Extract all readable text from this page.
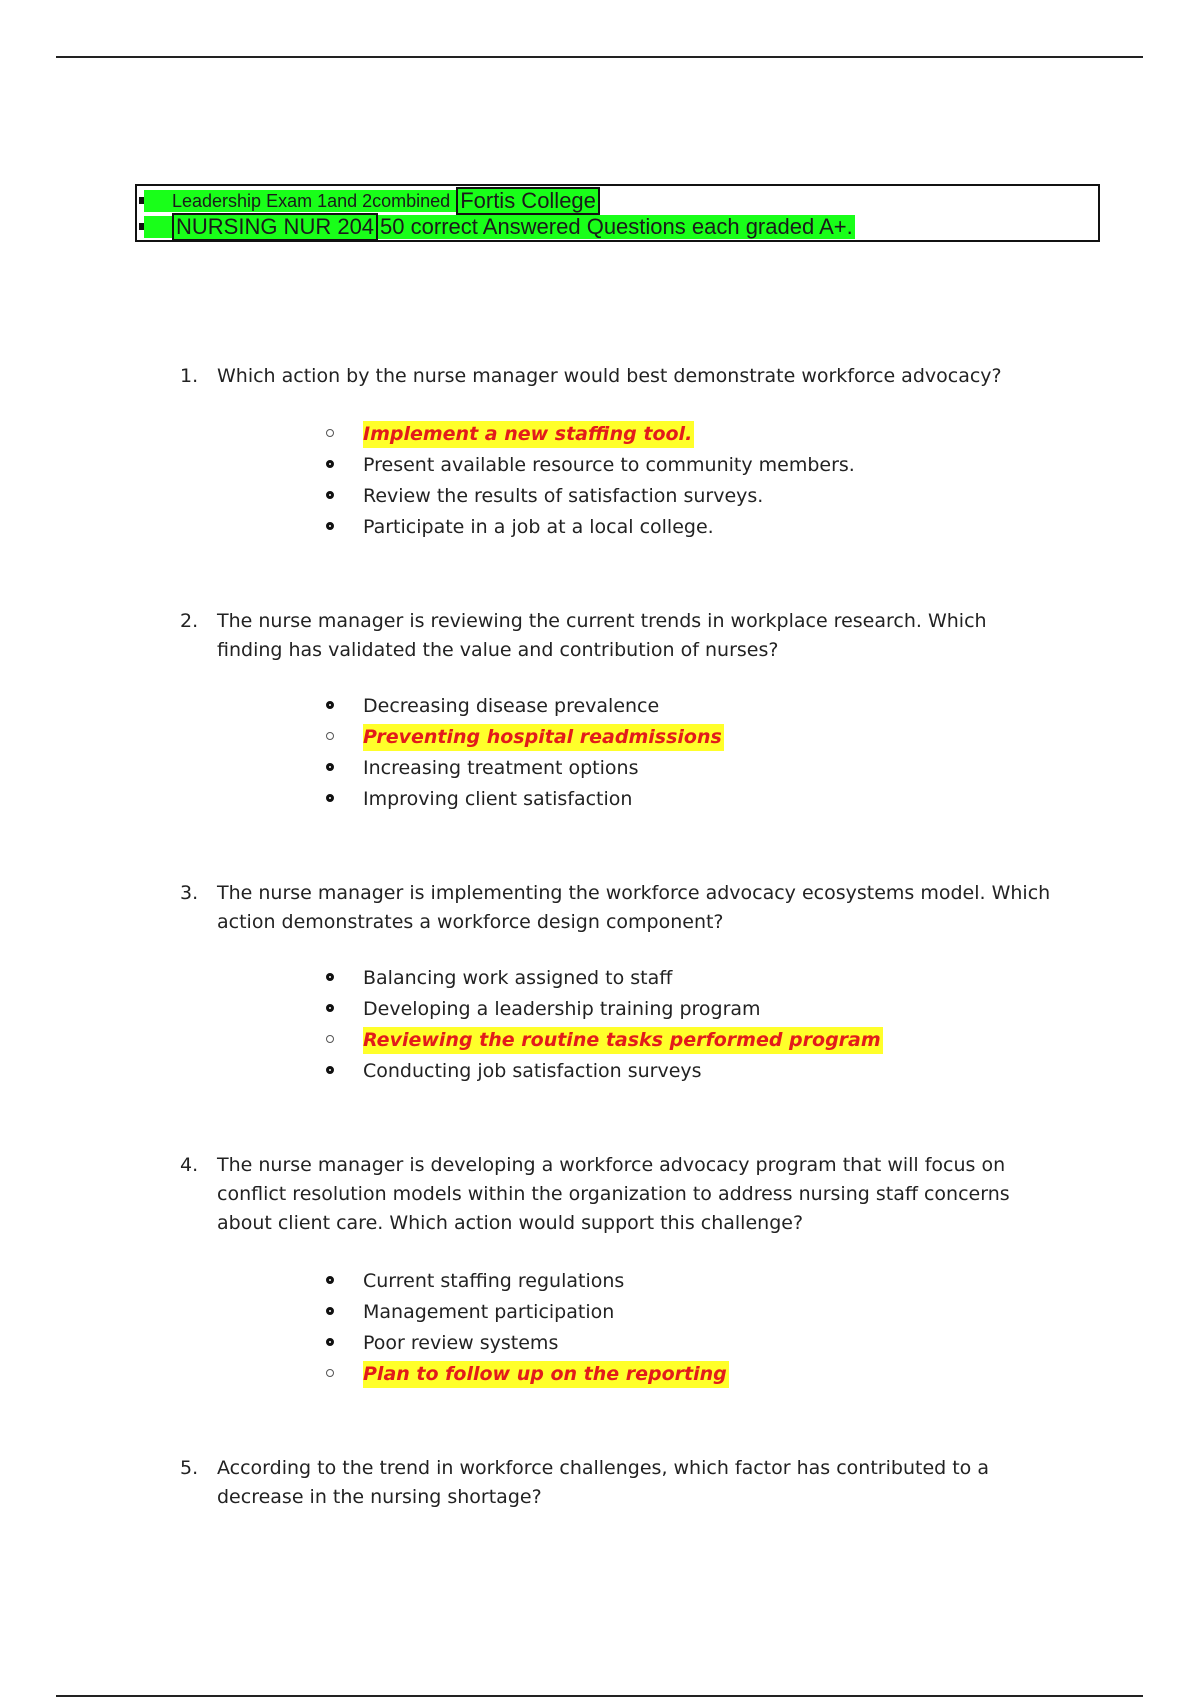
Leadership Exam 1and 2combined Fortis College
NURSING NUR 204 50 correct Answered Questions each graded A+.
1. Which action by the nurse manager would best demonstrate workforce advocacy?
Implement a new staffing tool.
Present available resource to community members.
Review the results of satisfaction surveys.
Participate in a job at a local college.
2. The nurse manager is reviewing the current trends in workplace research. Which finding has validated the value and contribution of nurses?
Decreasing disease prevalence
Preventing hospital readmissions
Increasing treatment options
Improving client satisfaction
3. The nurse manager is implementing the workforce advocacy ecosystems model. Which action demonstrates a workforce design component?
Balancing work assigned to staff
Developing a leadership training program
Reviewing the routine tasks performed program
Conducting job satisfaction surveys
4. The nurse manager is developing a workforce advocacy program that will focus on conflict resolution models within the organization to address nursing staff concerns about client care. Which action would support this challenge?
Current staffing regulations
Management participation
Poor review systems
Plan to follow up on the reporting
5. According to the trend in workforce challenges, which factor has contributed to a decrease in the nursing shortage?
